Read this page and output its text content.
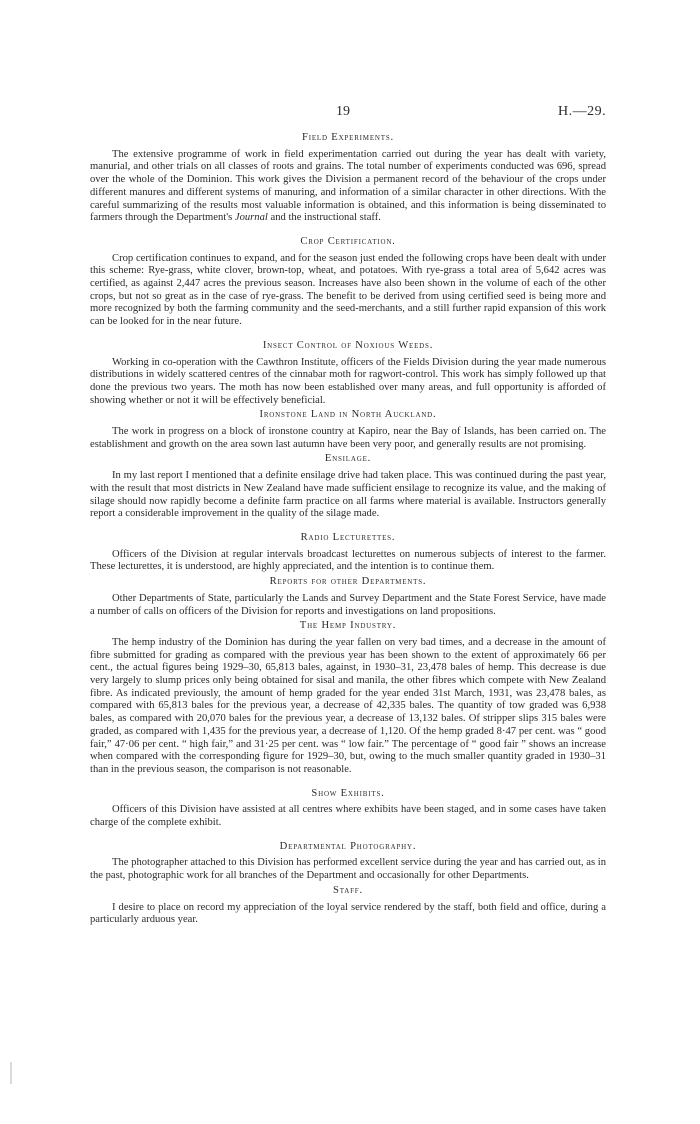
19	H.—29.
Field Experiments.

The extensive programme of work in field experimentation carried out during the year has dealt with variety, manurial, and other trials on all classes of roots and grains. The total number of experiments conducted was 696, spread over the whole of the Dominion. This work gives the Division a permanent record of the behaviour of the crops under different manures and different systems of manuring, and information of a similar character in other directions. With the careful summarizing of the results most valuable information is obtained, and this information is being disseminated to farmers through the Department's Journal and the instructional staff.

Crop Certification.

Crop certification continues to expand, and for the season just ended the following crops have been dealt with under this scheme: Rye-grass, white clover, brown-top, wheat, and potatoes. With rye-grass a total area of 5,642 acres was certified, as against 2,447 acres the previous season. Increases have also been shown in the volume of each of the other crops, but not so great as in the case of rye-grass. The benefit to be derived from using certified seed is being more and more recognized by both the farming community and the seed-merchants, and a still further rapid expansion of this work can be looked for in the near future.

Insect Control of Noxious Weeds.

Working in co-operation with the Cawthron Institute, officers of the Fields Division during the year made numerous distributions in widely scattered centres of the cinnabar moth for ragwort-control. This work has simply followed up that done the previous two years. The moth has now been established over many areas, and full opportunity is afforded of showing whether or not it will be effectively beneficial.

Ironstone Land in North Auckland.

The work in progress on a block of ironstone country at Kapiro, near the Bay of Islands, has been carried on. The establishment and growth on the area sown last autumn have been very poor, and generally results are not promising.

Ensilage.

In my last report I mentioned that a definite ensilage drive had taken place. This was continued during the past year, with the result that most districts in New Zealand have made sufficient ensilage to recognize its value, and the making of silage should now rapidly become a definite farm practice on all farms where material is available. Instructors generally report a considerable improvement in the quality of the silage made.

Radio Lecturettes.

Officers of the Division at regular intervals broadcast lecturettes on numerous subjects of interest to the farmer. These lecturettes, it is understood, are highly appreciated, and the intention is to continue them.

Reports for other Departments.

Other Departments of State, particularly the Lands and Survey Department and the State Forest Service, have made a number of calls on officers of the Division for reports and investigations on land propositions.

The Hemp Industry.

The hemp industry of the Dominion has during the year fallen on very bad times, and a decrease in the amount of fibre submitted for grading as compared with the previous year has been shown to the extent of approximately 66 per cent., the actual figures being 1929–30, 65,813 bales, against, in 1930–31, 23,478 bales of hemp. This decrease is due very largely to slump prices only being obtained for sisal and manila, the other fibres which compete with New Zealand fibre. As indicated previously, the amount of hemp graded for the year ended 31st March, 1931, was 23,478 bales, as compared with 65,813 bales for the previous year, a decrease of 42,335 bales. The quantity of tow graded was 6,938 bales, as compared with 20,070 bales for the previous year, a decrease of 13,132 bales. Of stripper slips 315 bales were graded, as compared with 1,435 for the previous year, a decrease of 1,120. Of the hemp graded 8·47 per cent. was “ good fair,” 47·06 per cent. “ high fair,” and 31·25 per cent. was “ low fair.” The percentage of “ good fair ” shows an increase when compared with the corresponding figure for 1929–30, but, owing to the much smaller quantity graded in 1930–31 than in the previous season, the comparison is not reasonable.

Show Exhibits.

Officers of this Division have assisted at all centres where exhibits have been staged, and in some cases have taken charge of the complete exhibit.

Departmental Photography.

The photographer attached to this Division has performed excellent service during the year and has carried out, as in the past, photographic work for all branches of the Department and occasionally for other Departments.

Staff.

I desire to place on record my appreciation of the loyal service rendered by the staff, both field and office, during a particularly arduous year.
